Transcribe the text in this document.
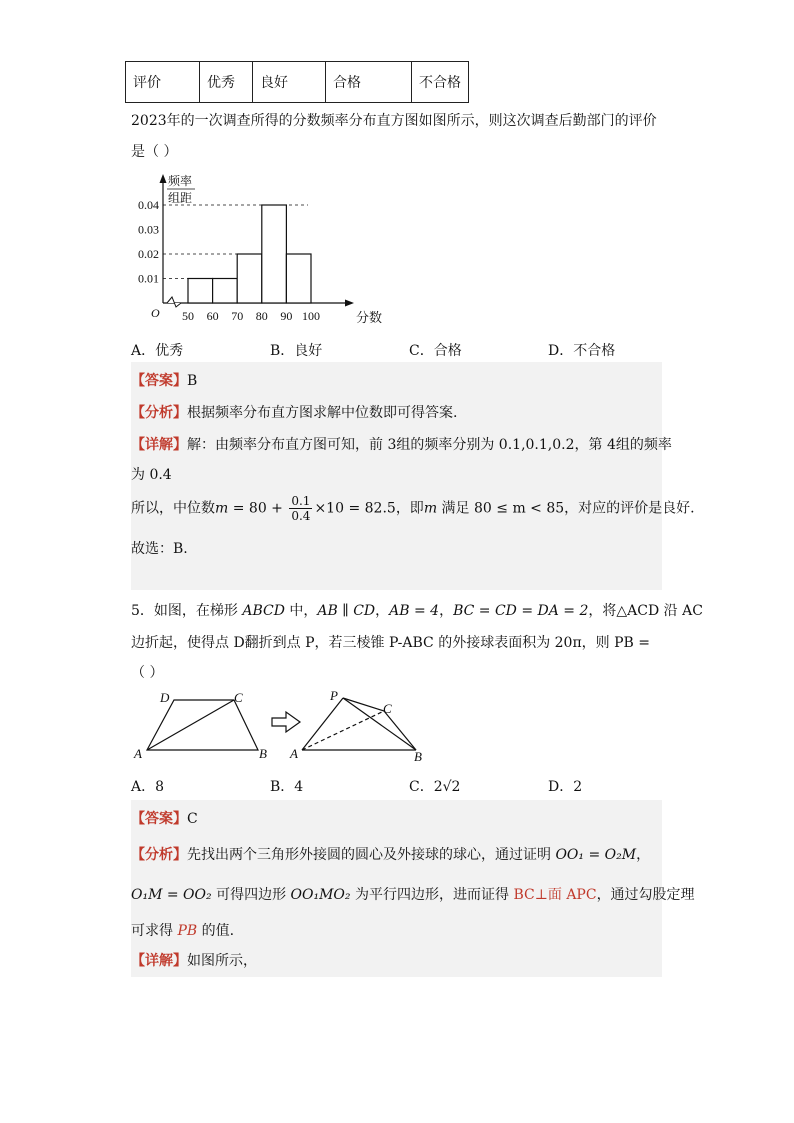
评价	优秀	良好	合格	不合格
2023年的一次调查所得的分数频率分布直方图如图所示，则这次调查后勤部门的评价
是（ ）
0.01
0.02
0.03
0.04
50 60 70 80 90 100
O	分数
频率
组距
A．优秀	B．良好	C．合格	D．不合格
【答案】B
【分析】根据频率分布直方图求解中位数即可得答案.
【详解】解：由频率分布直方图可知，前 3组的频率分别为 0.1,0.1,0.2，第 4组的频率
为 0.4
所以，中位数$m = 80 + \frac{0.1}{0.4} \times 10 = 82.5$，即m 满足 80 ≤ m < 85，对应的评价是良好.
故选：B.
5．如图，在梯形 ABCD 中，AB ∥ CD，AB = 4，BC = CD = DA = 2，将△ACD 沿 AC
边折起，使得点 D翻折到点 P，若三棱锥 P-ABC 的外接球表面积为 20π，则 PB =
（ ）
D	C
A	B
P
C
A	B
A．8	B．4	C．2√2	D．2
【答案】C
【分析】先找出两个三角形外接圆的圆心及外接球的球心，通过证明 OO₁ = O₂M，
O₁M = OO₂ 可得四边形 OO₁MO₂ 为平行四边形，进而证得 BC⊥面 APC，通过勾股定理
可求得 PB 的值.
【详解】如图所示，
